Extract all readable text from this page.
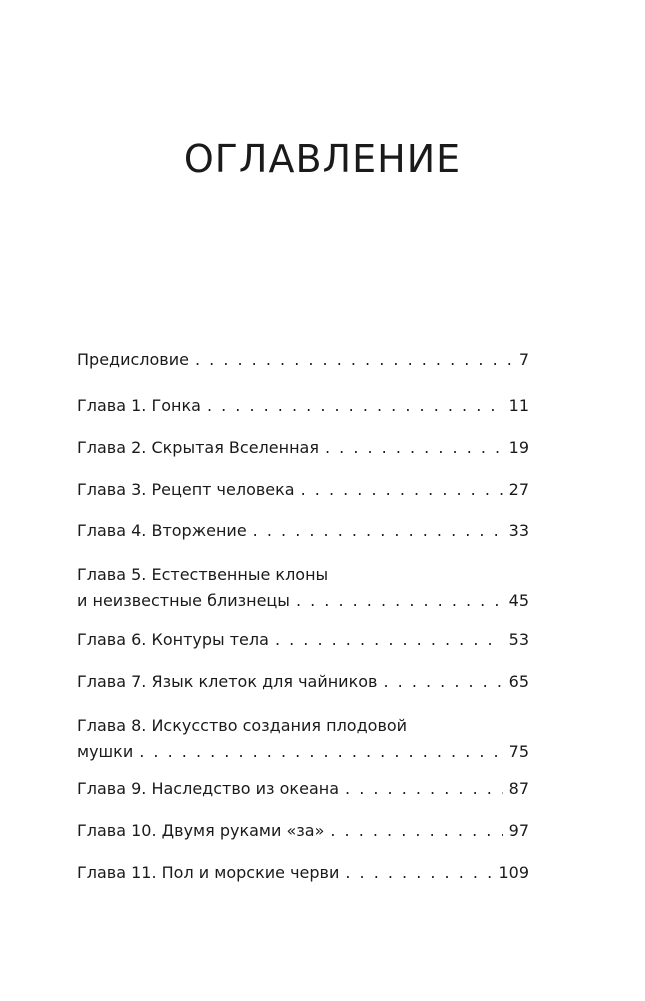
ОГЛАВЛЕНИЕ
Предисловие . . .	7
Глава 1. Гонка . . .	11
Глава 2. Скрытая Вселенная . . .	19
Глава 3. Рецепт человека . . .	27
Глава 4. Вторжение . . .	33
Глава 5. Естественные клоны
и неизвестные близнецы . . .	45
Глава 6. Контуры тела . . .	53
Глава 7. Язык клеток для чайников . . .	65
Глава 8. Искусство создания плодовой
мушки . . .	75
Глава 9. Наследство из океана . . .	87
Глава 10. Двумя руками «за» . . .	97
Глава 11. Пол и морские черви . . .	109
